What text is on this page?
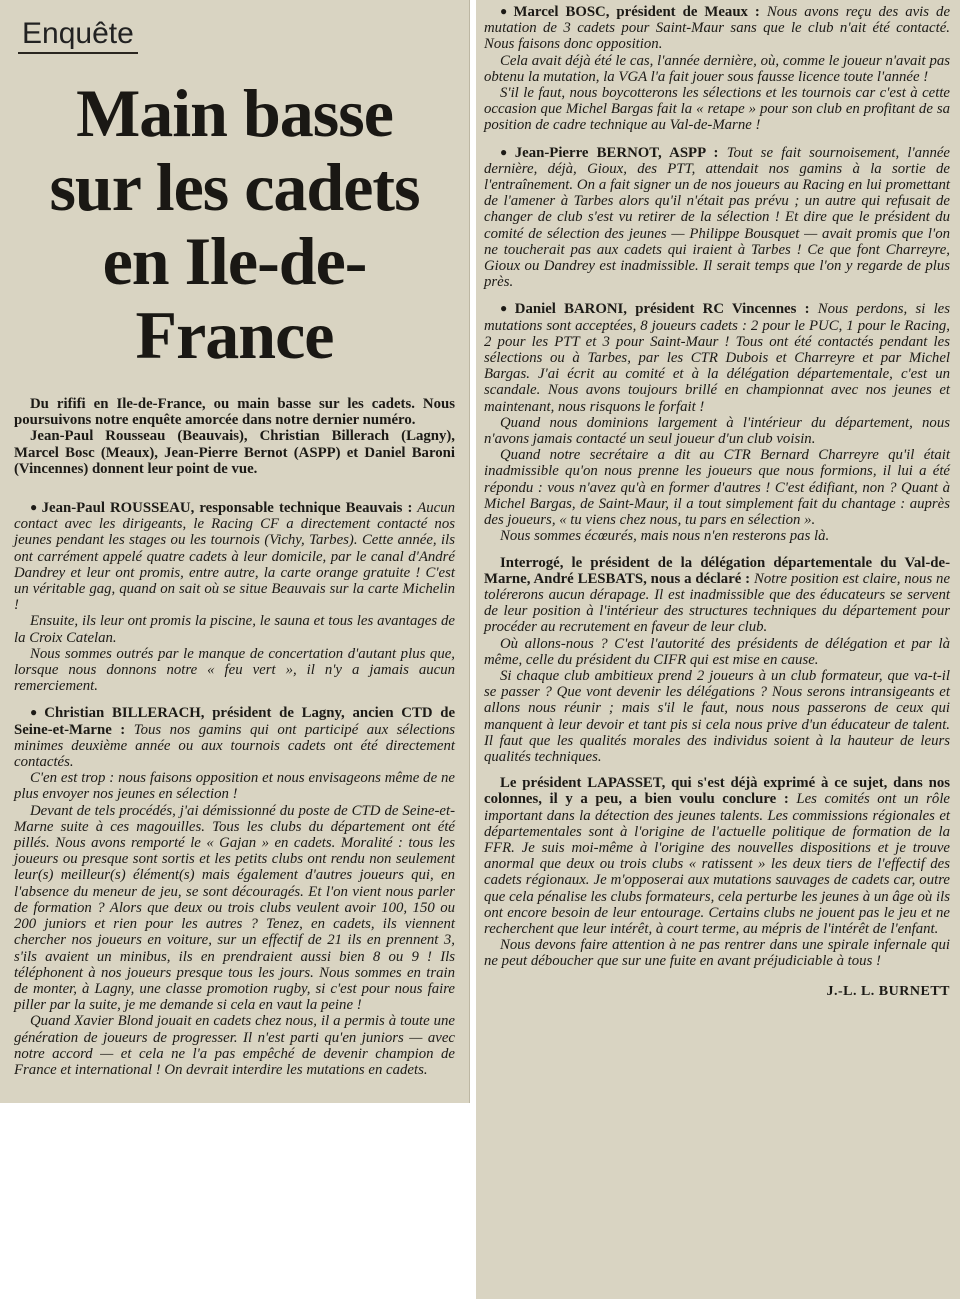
Enquête
Main basse
sur les cadets
en Ile-de-France

Du rififi en Ile-de-France, ou main basse sur les cadets. Nous poursuivons notre enquête amorcée dans notre dernier numéro.

Jean-Paul Rousseau (Beauvais), Christian Billerach (Lagny), Marcel Bosc (Meaux), Jean-Pierre Bernot (ASPP) et Daniel Baroni (Vincennes) donnent leur point de vue.

● Jean-Paul ROUSSEAU, responsable technique Beauvais : Aucun contact avec les dirigeants, le Racing CF a directement contacté nos jeunes pendant les stages ou les tournois (Vichy, Tarbes). Cette année, ils ont carrément appelé quatre cadets à leur domicile, par le canal d'André Dandrey et leur ont promis, entre autre, la carte orange gratuite ! C'est un véritable gag, quand on sait où se situe Beauvais sur la carte Michelin !

Ensuite, ils leur ont promis la piscine, le sauna et tous les avantages de la Croix Catelan.

Nous sommes outrés par le manque de concertation d'autant plus que, lorsque nous donnons notre « feu vert », il n'y a jamais aucun remerciement.

● Christian BILLERACH, président de Lagny, ancien CTD de Seine-et-Marne : Tous nos gamins qui ont participé aux sélections minimes deuxième année ou aux tournois cadets ont été directement contactés.

C'en est trop : nous faisons opposition et nous envisageons même de ne plus envoyer nos jeunes en sélection !

Devant de tels procédés, j'ai démissionné du poste de CTD de Seine-et-Marne suite à ces magouilles. Tous les clubs du département ont été pillés. Nous avons remporté le « Gajan » en cadets. Moralité : tous les joueurs ou presque sont sortis et les petits clubs ont rendu non seulement leur(s) meilleur(s) élément(s) mais également d'autres joueurs qui, en l'absence du meneur de jeu, se sont découragés. Et l'on vient nous parler de formation ? Alors que deux ou trois clubs veulent avoir 100, 150 ou 200 juniors et rien pour les autres ? Tenez, en cadets, ils viennent chercher nos joueurs en voiture, sur un effectif de 21 ils en prennent 3, s'ils avaient un minibus, ils en prendraient aussi bien 8 ou 9 ! Ils téléphonent à nos joueurs presque tous les jours. Nous sommes en train de monter, à Lagny, une classe promotion rugby, si c'est pour nous faire piller par la suite, je me demande si cela en vaut la peine !

Quand Xavier Blond jouait en cadets chez nous, il a permis à toute une génération de joueurs de progresser. Il n'est parti qu'en juniors — avec notre accord — et cela ne l'a pas empêché de devenir champion de France et international ! On devrait interdire les mutations en cadets.

● Marcel BOSC, président de Meaux : Nous avons reçu des avis de mutation de 3 cadets pour Saint-Maur sans que le club n'ait été contacté. Nous faisons donc opposition.

Cela avait déjà été le cas, l'année dernière, où, comme le joueur n'avait pas obtenu la mutation, la VGA l'a fait jouer sous fausse licence toute l'année !

S'il le faut, nous boycotterons les sélections et les tournois car c'est à cette occasion que Michel Bargas fait la « retape » pour son club en profitant de sa position de cadre technique au Val-de-Marne !

● Jean-Pierre BERNOT, ASPP : Tout se fait sournoisement, l'année dernière, déjà, Gioux, des PTT, attendait nos gamins à la sortie de l'entraînement. On a fait signer un de nos joueurs au Racing en lui promettant de l'amener à Tarbes alors qu'il n'était pas prévu ; un autre qui refusait de changer de club s'est vu retirer de la sélection ! Et dire que le président du comité de sélection des jeunes — Philippe Bousquet — avait promis que l'on ne toucherait pas aux cadets qui iraient à Tarbes ! Ce que font Charreyre, Gioux ou Dandrey est inadmissible. Il serait temps que l'on y regarde de plus près.

● Daniel BARONI, président RC Vincennes : Nous perdons, si les mutations sont acceptées, 8 joueurs cadets : 2 pour le PUC, 1 pour le Racing, 2 pour les PTT et 3 pour Saint-Maur ! Tous ont été contactés pendant les sélections ou à Tarbes, par les CTR Dubois et Charreyre et par Michel Bargas. J'ai écrit au comité et à la délégation départementale, c'est un scandale. Nous avons toujours brillé en championnat avec nos jeunes et maintenant, nous risquons le forfait !

Quand nous dominions largement à l'intérieur du département, nous n'avons jamais contacté un seul joueur d'un club voisin.

Quand notre secrétaire a dit au CTR Bernard Charreyre qu'il était inadmissible qu'on nous prenne les joueurs que nous formions, il lui a été répondu : vous n'avez qu'à en former d'autres ! C'est édifiant, non ? Quant à Michel Bargas, de Saint-Maur, il a tout simplement fait du chantage : auprès des joueurs, « tu viens chez nous, tu pars en sélection ».

Nous sommes écœurés, mais nous n'en resterons pas là.

Interrogé, le président de la délégation départementale du Val-de-Marne, André LESBATS, nous a déclaré : Notre position est claire, nous ne tolérerons aucun dérapage. Il est inadmissible que des éducateurs se servent de leur position à l'intérieur des structures techniques du département pour procéder au recrutement en faveur de leur club.

Où allons-nous ? C'est l'autorité des présidents de délégation et par là même, celle du président du CIFR qui est mise en cause.

Si chaque club ambitieux prend 2 joueurs à un club formateur, que va-t-il se passer ? Que vont devenir les délégations ? Nous serons intransigeants et allons nous réunir ; mais s'il le faut, nous nous passerons de ceux qui manquent à leur devoir et tant pis si cela nous prive d'un éducateur de talent. Il faut que les qualités morales des individus soient à la hauteur de leurs qualités techniques.

Le président LAPASSET, qui s'est déjà exprimé à ce sujet, dans nos colonnes, il y a peu, a bien voulu conclure : Les comités ont un rôle important dans la détection des jeunes talents. Les commissions régionales et départementales sont à l'origine de l'actuelle politique de formation de la FFR. Je suis moi-même à l'origine des nouvelles dispositions et je trouve anormal que deux ou trois clubs « ratissent » les deux tiers de l'effectif des cadets régionaux. Je m'opposerai aux mutations sauvages de cadets car, outre que cela pénalise les clubs formateurs, cela perturbe les jeunes à un âge où ils ont encore besoin de leur entourage. Certains clubs ne jouent pas le jeu et ne recherchent que leur intérêt, à court terme, au mépris de l'intérêt de l'enfant.

Nous devons faire attention à ne pas rentrer dans une spirale infernale qui ne peut déboucher que sur une fuite en avant préjudiciable à tous !

J.-L. L. BURNETT
